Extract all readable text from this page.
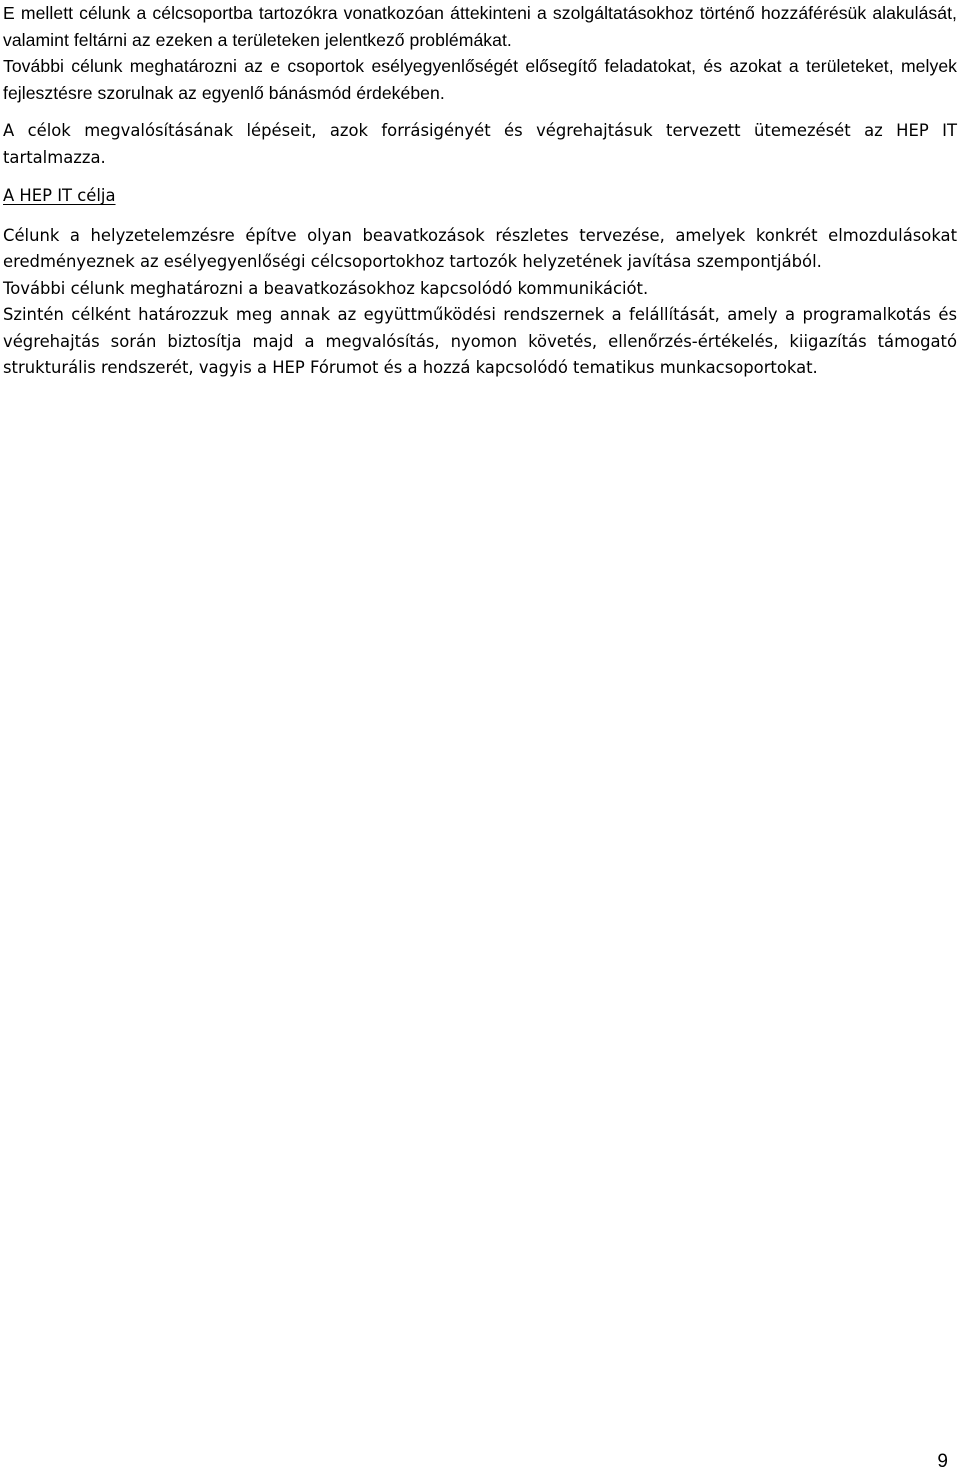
E mellett célunk a célcsoportba tartozókra vonatkozóan áttekinteni a szolgáltatásokhoz történő hozzáférésük alakulását, valamint feltárni az ezeken a területeken jelentkező problémákat.

További célunk meghatározni az e csoportok esélyegyenlőségét elősegítő feladatokat, és azokat a területeket, melyek fejlesztésre szorulnak az egyenlő bánásmód érdekében.

A célok megvalósításának lépéseit, azok forrásigényét és végrehajtásuk tervezett ütemezését az HEP IT tartalmazza.

A HEP IT célja

Célunk a helyzetelemzésre építve olyan beavatkozások részletes tervezése, amelyek konkrét elmozdulásokat eredményeznek az esélyegyenlőségi célcsoportokhoz tartozók helyzetének javítása szempontjából.

További célunk meghatározni a beavatkozásokhoz kapcsolódó kommunikációt.

Szintén célként határozzuk meg annak az együttműködési rendszernek a felállítását, amely a programalkotás és végrehajtás során biztosítja majd a megvalósítás, nyomon követés, ellenőrzés-értékelés, kiigazítás támogató strukturális rendszerét, vagyis a HEP Fórumot és a hozzá kapcsolódó tematikus munkacsoportokat.

9
